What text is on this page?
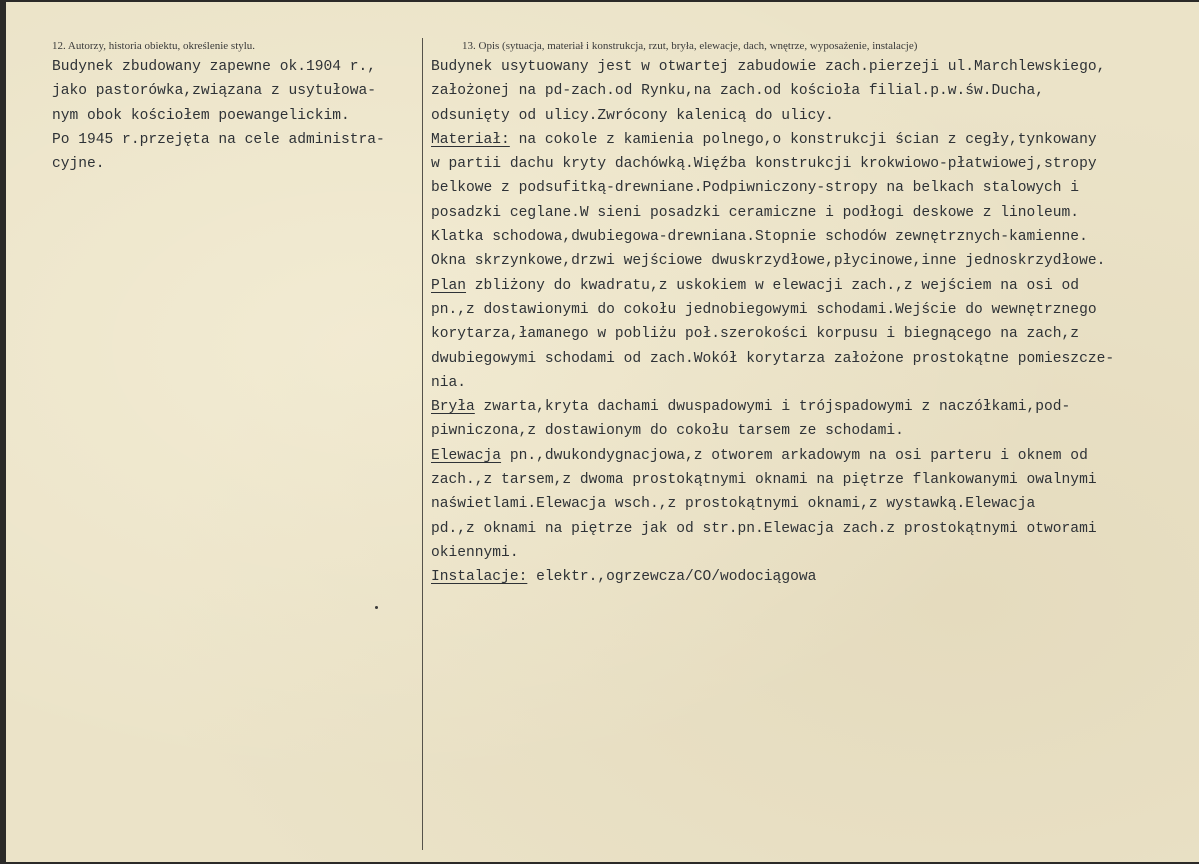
12. Autorzy, historia obiektu, określenie stylu.	13. Opis (sytuacja, materiał i konstrukcja, rzut, bryła, elewacje, dach, wnętrze, wyposażenie, instalacje)
Budynek zbudowany zapewne ok.1904 r.,
jako pastorówka,związana z usytułowa-
nym obok kościołem poewangelickim.
Po 1945 r.przejęta na cele administra-
cyjne.
Budynek usytuowany jest w otwartej zabudowie zach.pierzeji ul.Marchlewskiego,
założonej na pd-zach.od Rynku,na zach.od kościoła filial.p.w.św.Ducha,
odsunięty od ulicy.Zwrócony kalenicą do ulicy.
Materiał: na cokole z kamienia polnego,o konstrukcji ścian z cegły,tynkowany
w partii dachu kryty dachówką.Więźba konstrukcji krokwiowo-płatwiowej,stropy
belkowe z podsufitką-drewniane.Podpiwniczony-stropy na belkach stalowych i
posadzki ceglane.W sieni posadzki ceramiczne i podłogi deskowe z linoleum.
Klatka schodowa,dwubiegowa-drewniana.Stopnie schodów zewnętrznych-kamienne.
Okna skrzynkowe,drzwi wejściowe dwuskrzydłowe,płycinowe,inne jednoskrzydłowe.
Plan zbliżony do kwadratu,z uskokiem w elewacji zach.,z wejściem na osi od
pn.,z dostawionymi do cokołu jednobiegowymi schodami.Wejście do wewnętrznego
korytarza,łamanego w pobliżu poł.szerokości korpusu i biegnącego na zach,z
dwubiegowymi schodami od zach.Wokół korytarza założone prostokątne pomieszcze-
nia.
Bryła zwarta,kryta dachami dwuspadowymi i trójspadowymi z naczółkami,pod-
piwniczona,z dostawionym do cokołu tarsem ze schodami.
Elewacja pn.,dwukondygnacjowa,z otworem arkadowym na osi parteru i oknem od
zach.,z tarsem,z dwoma prostokątnymi oknami na piętrze flankowanymi owalnymi
naświetlami.Elewacja wsch.,z prostokątnymi oknami,z wystawką.Elewacja
pd.,z oknami na piętrze jak od str.pn.Elewacja zach.z prostokątnymi otworami
okiennymi.
Instalacje: elektr.,ogrzewcza/CO/wodociągowa
